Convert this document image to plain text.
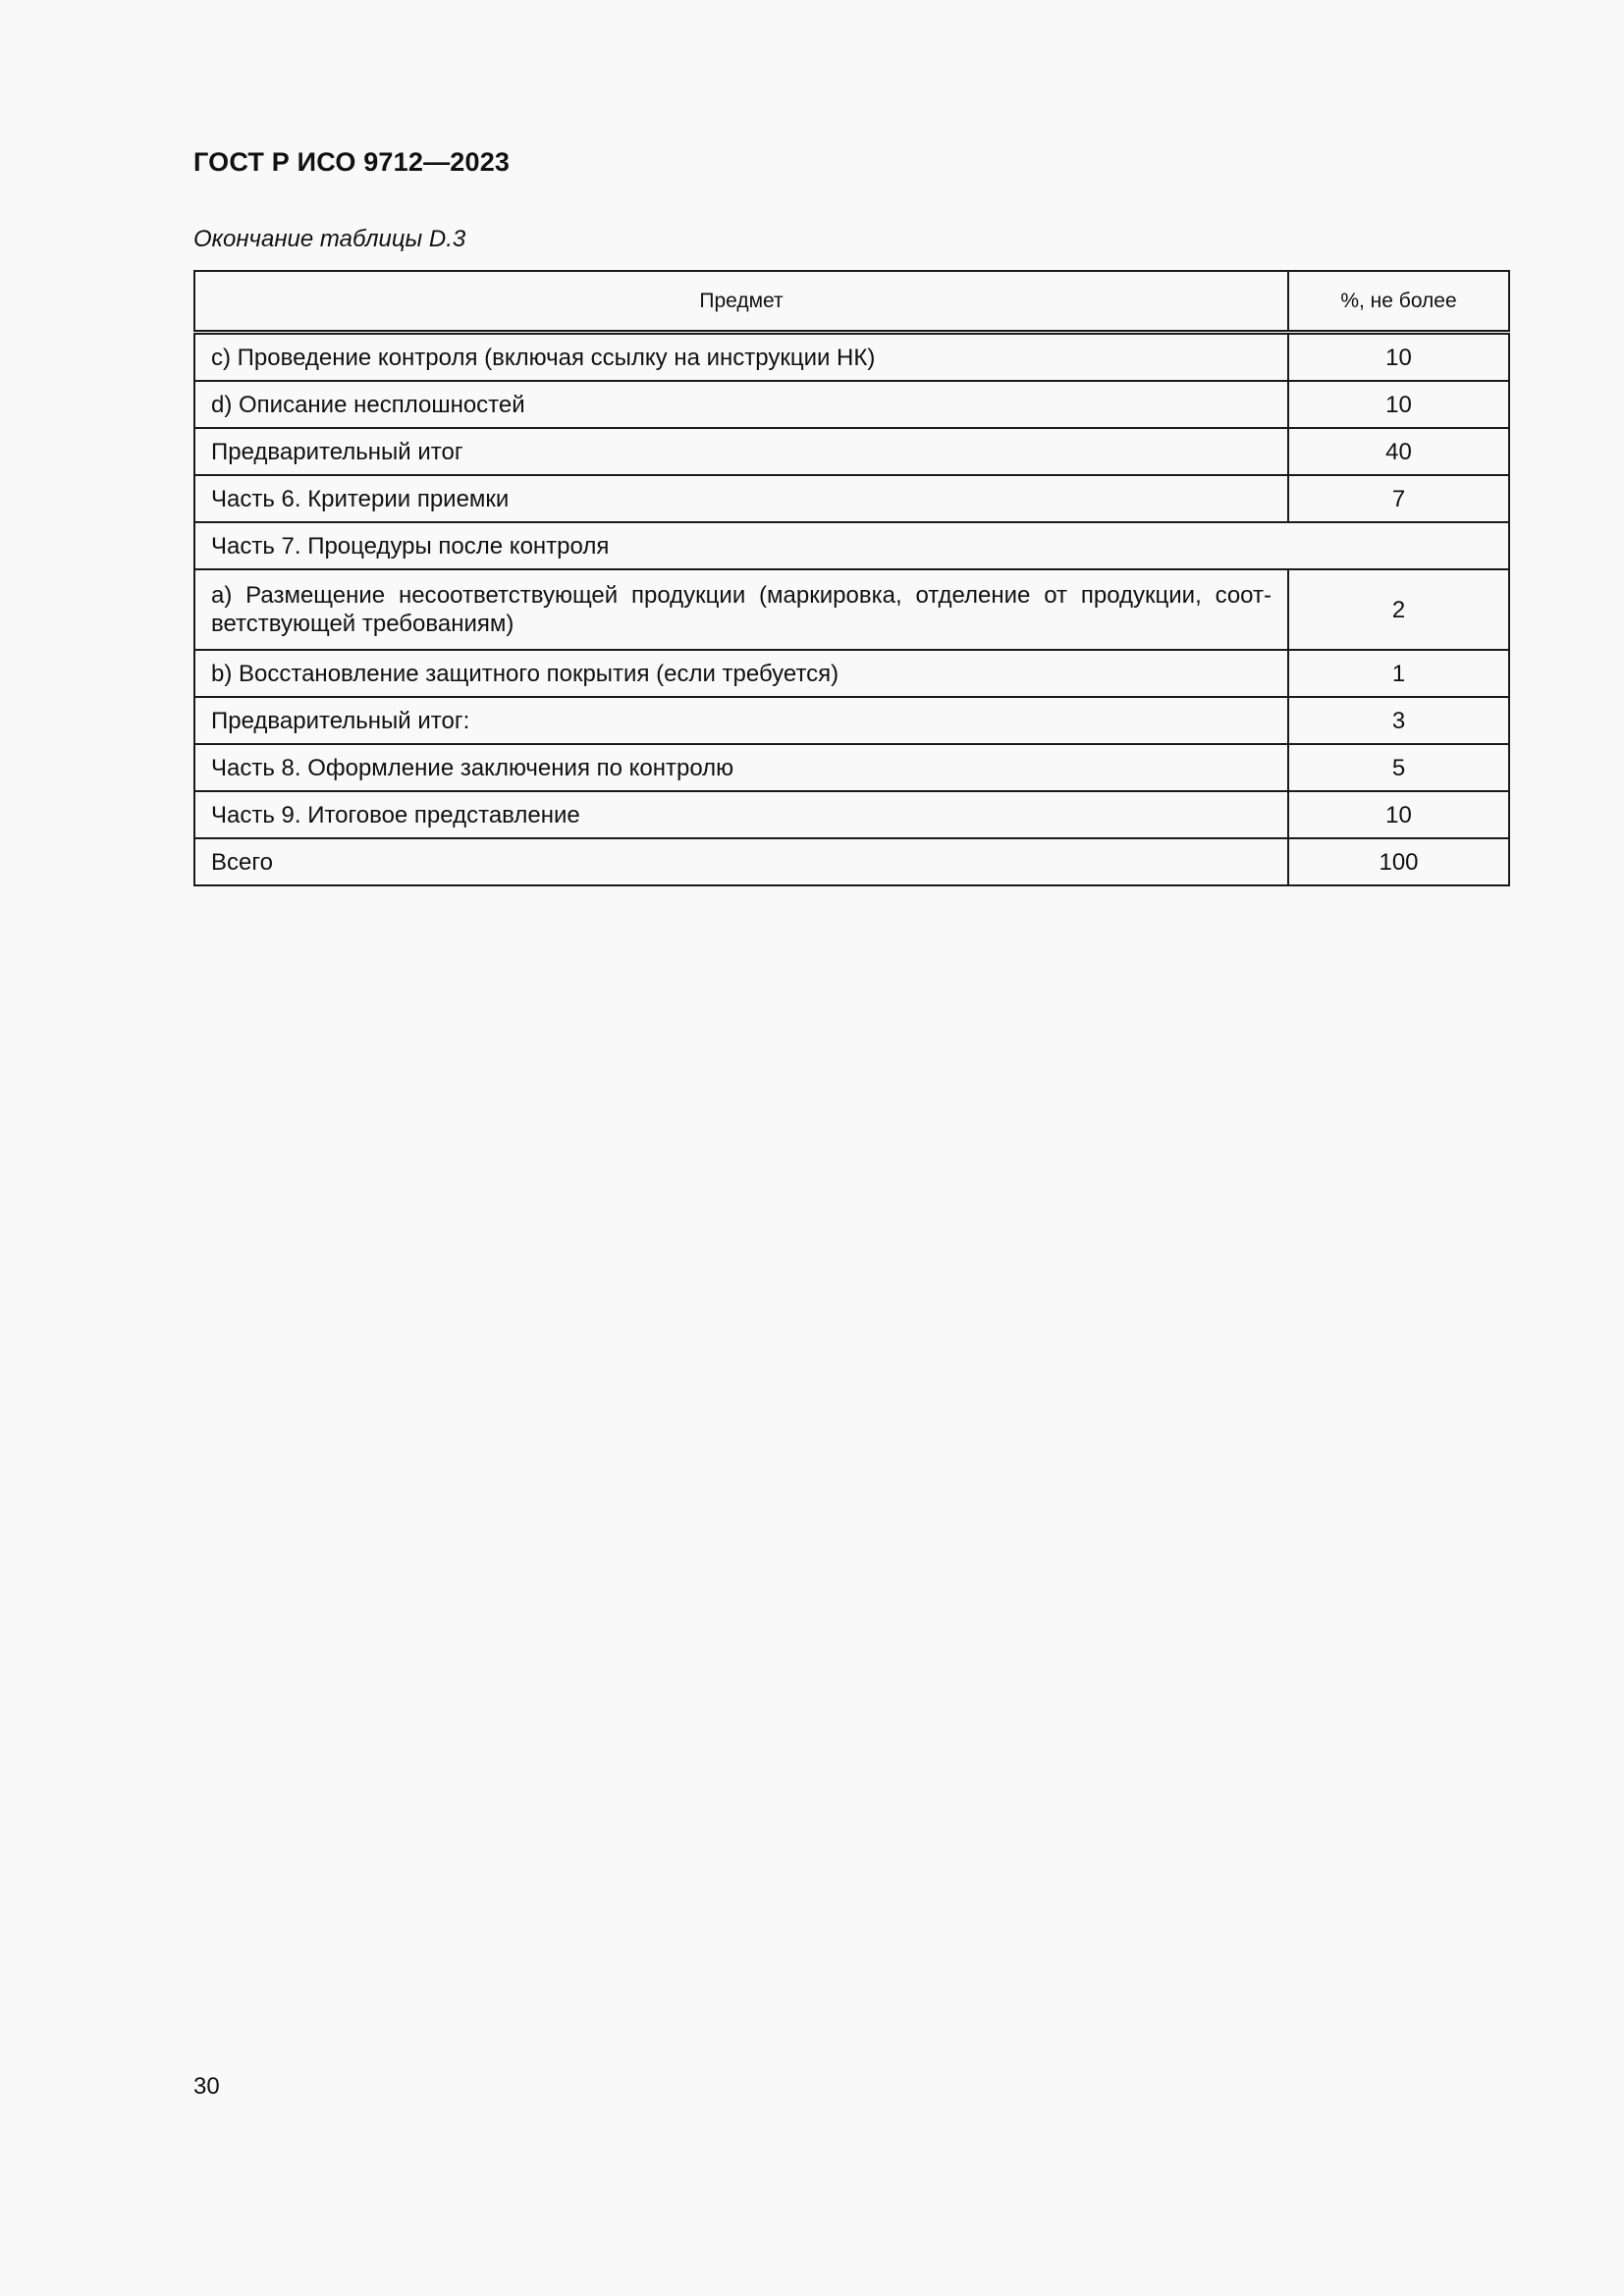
ГОСТ Р ИСО 9712—2023
Окончание таблицы D.3
Предмет	%, не более
с) Проведение контроля (включая ссылку на инструкции НК)	10
d) Описание несплошностей	10
Предварительный итог	40
Часть 6. Критерии приемки	7
Часть 7. Процедуры после контроля	
а) Размещение несоответствующей продукции (маркировка, отделение от продукции, соот-ветствующей требованиям)	2
b) Восстановление защитного покрытия (если требуется)	1
Предварительный итог:	3
Часть 8. Оформление заключения по контролю	5
Часть 9. Итоговое представление	10
Всего	100
30
